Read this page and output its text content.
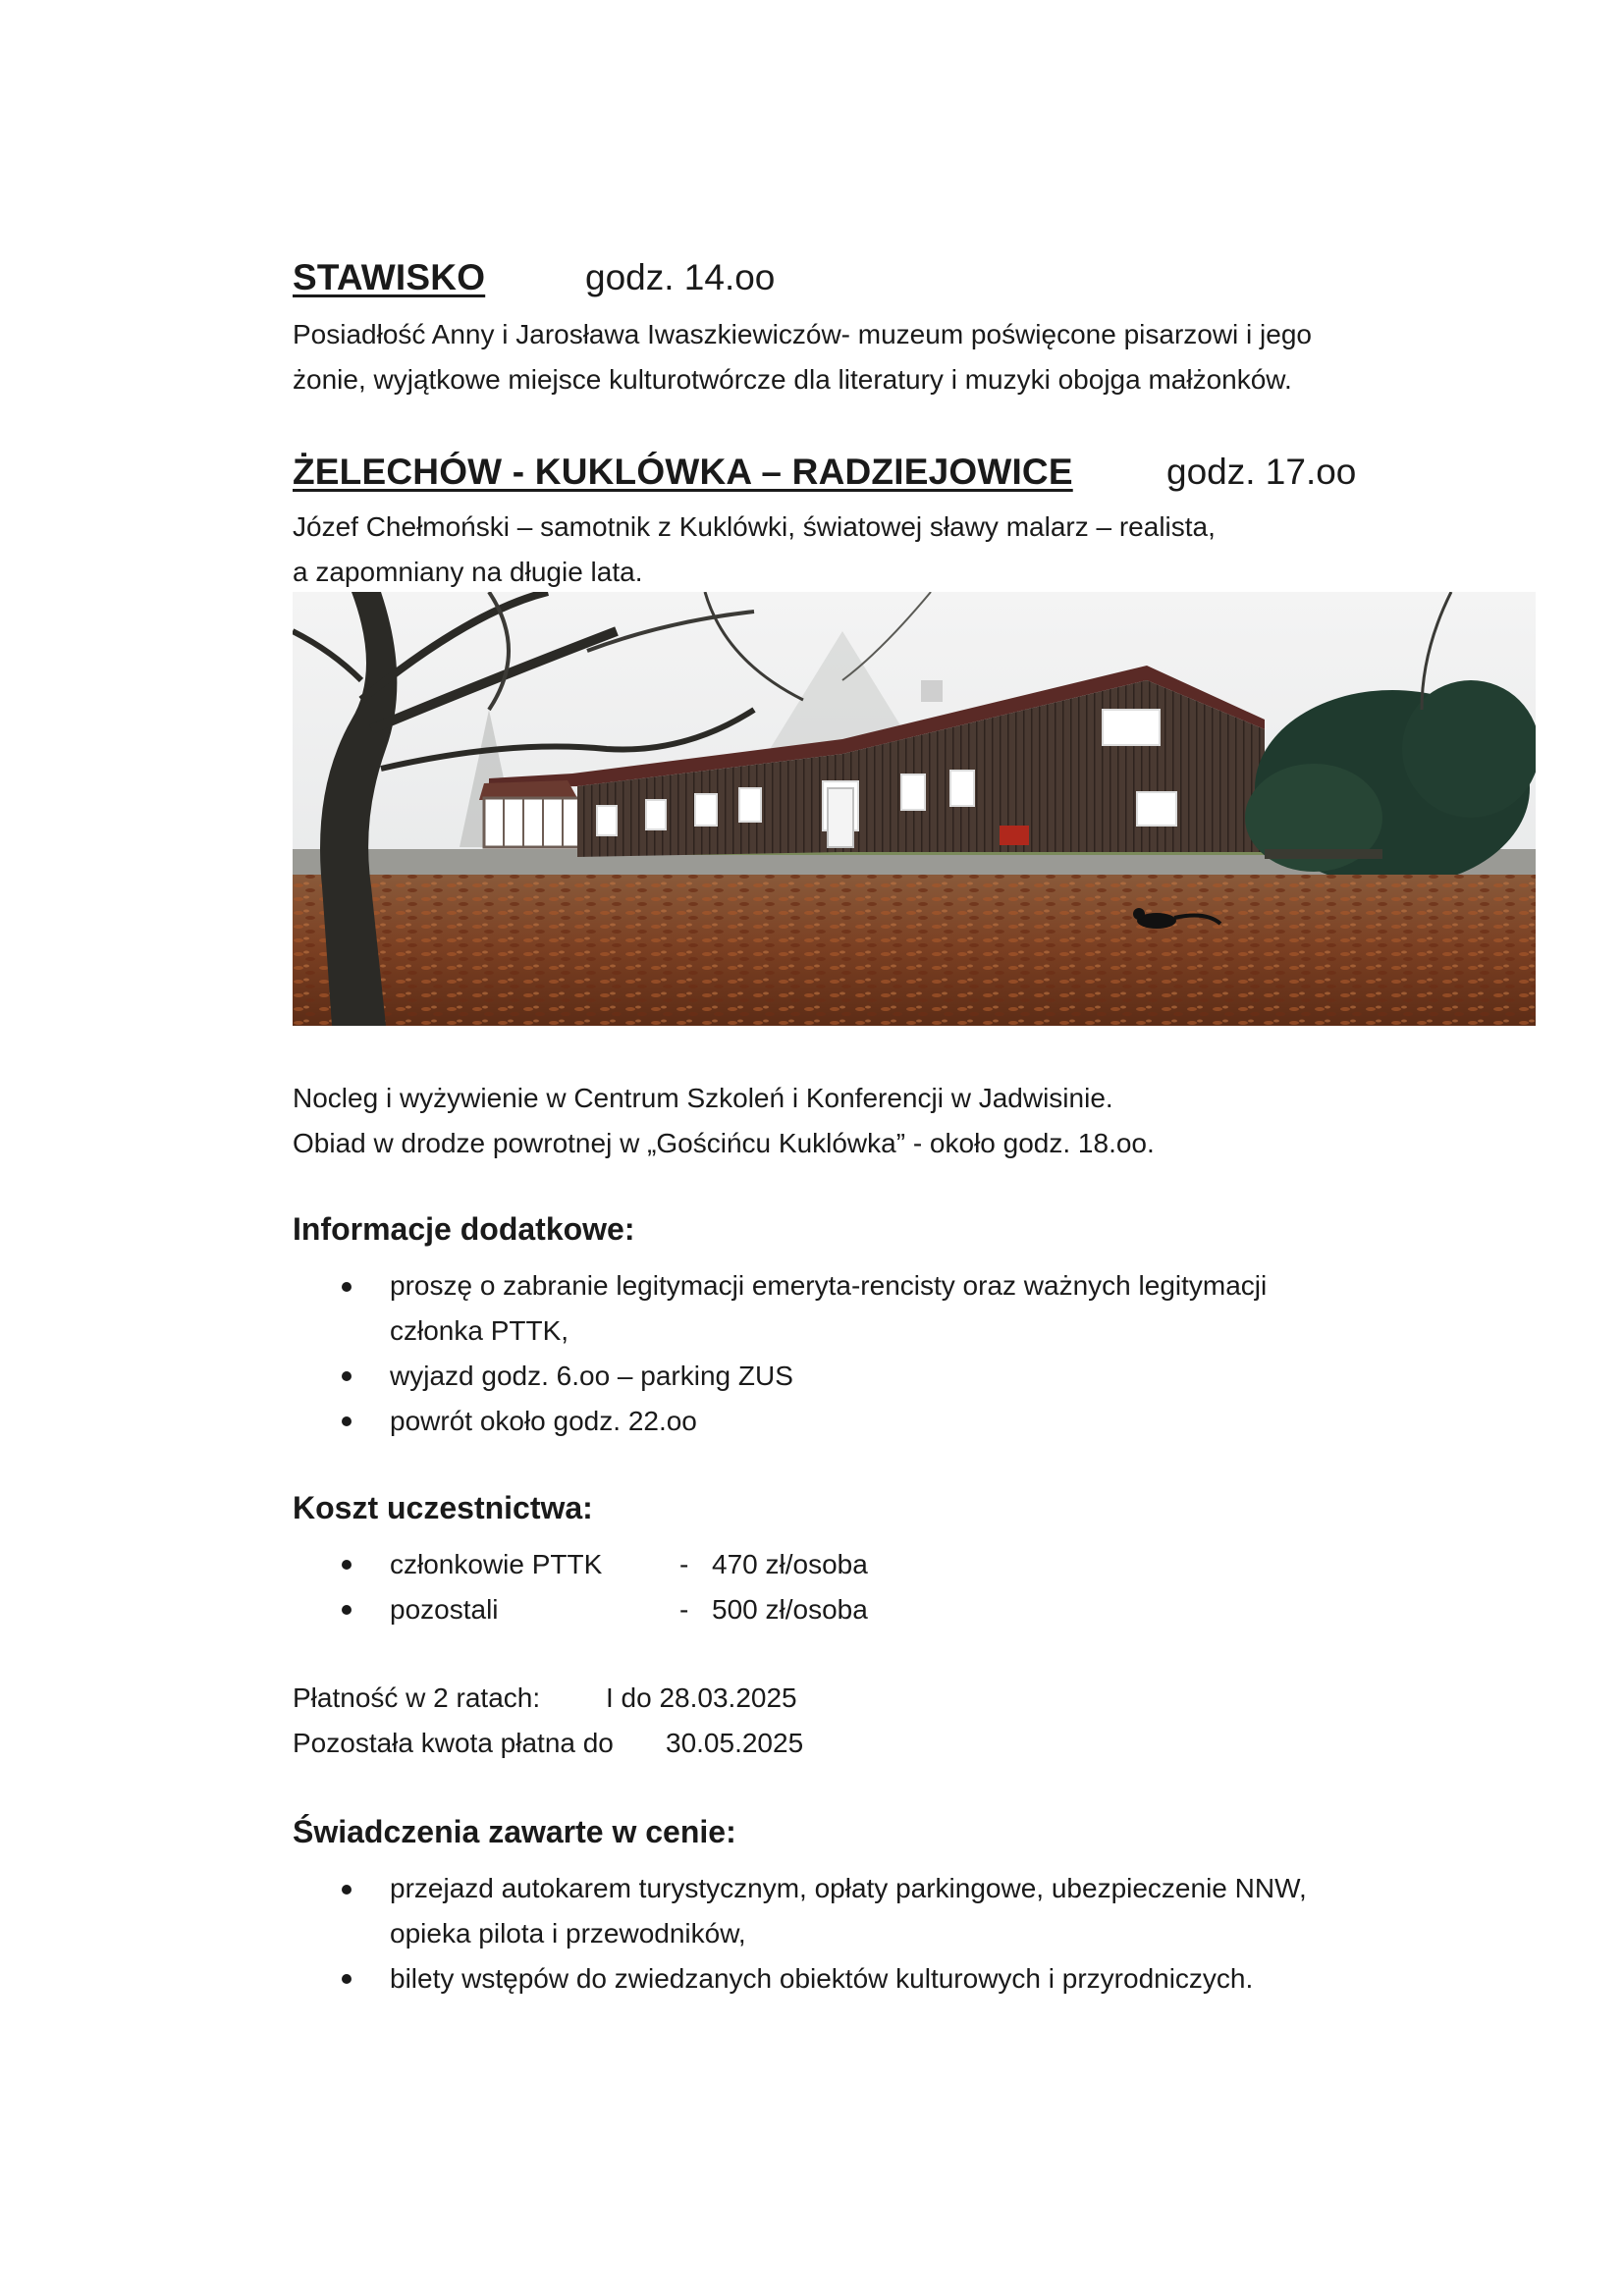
STAWISKO	godz. 14.oo
Posiadłość Anny i Jarosława Iwaszkiewiczów- muzeum poświęcone pisarzowi i jego
żonie, wyjątkowe miejsce kulturotwórcze dla literatury i muzyki obojga małżonków.
ŻELECHÓW - KUKLÓWKA – RADZIEJOWICE	godz. 17.oo
Józef Chełmoński – samotnik z Kuklówki, światowej sławy malarz – realista,
a zapomniany na długie lata.
Nocleg i wyżywienie w Centrum Szkoleń i Konferencji w Jadwisinie.
Obiad w drodze powrotnej w „Gościńcu Kuklówka” - około godz. 18.oo.
Informacje dodatkowe:
proszę o zabranie legitymacji emeryta-rencisty oraz ważnych legitymacji
członka PTTK,
wyjazd godz. 6.oo – parking ZUS
powrót około godz. 22.oo
Koszt uczestnictwa:
członkowie PTTK	- 470 zł/osoba
pozostali	- 500 zł/osoba
Płatność w 2 ratach: I do 28.03.2025
Pozostała kwota płatna do 30.05.2025
Świadczenia zawarte w cenie:
przejazd autokarem turystycznym, opłaty parkingowe, ubezpieczenie NNW,
opieka pilota i przewodników,
bilety wstępów do zwiedzanych obiektów kulturowych i przyrodniczych.
